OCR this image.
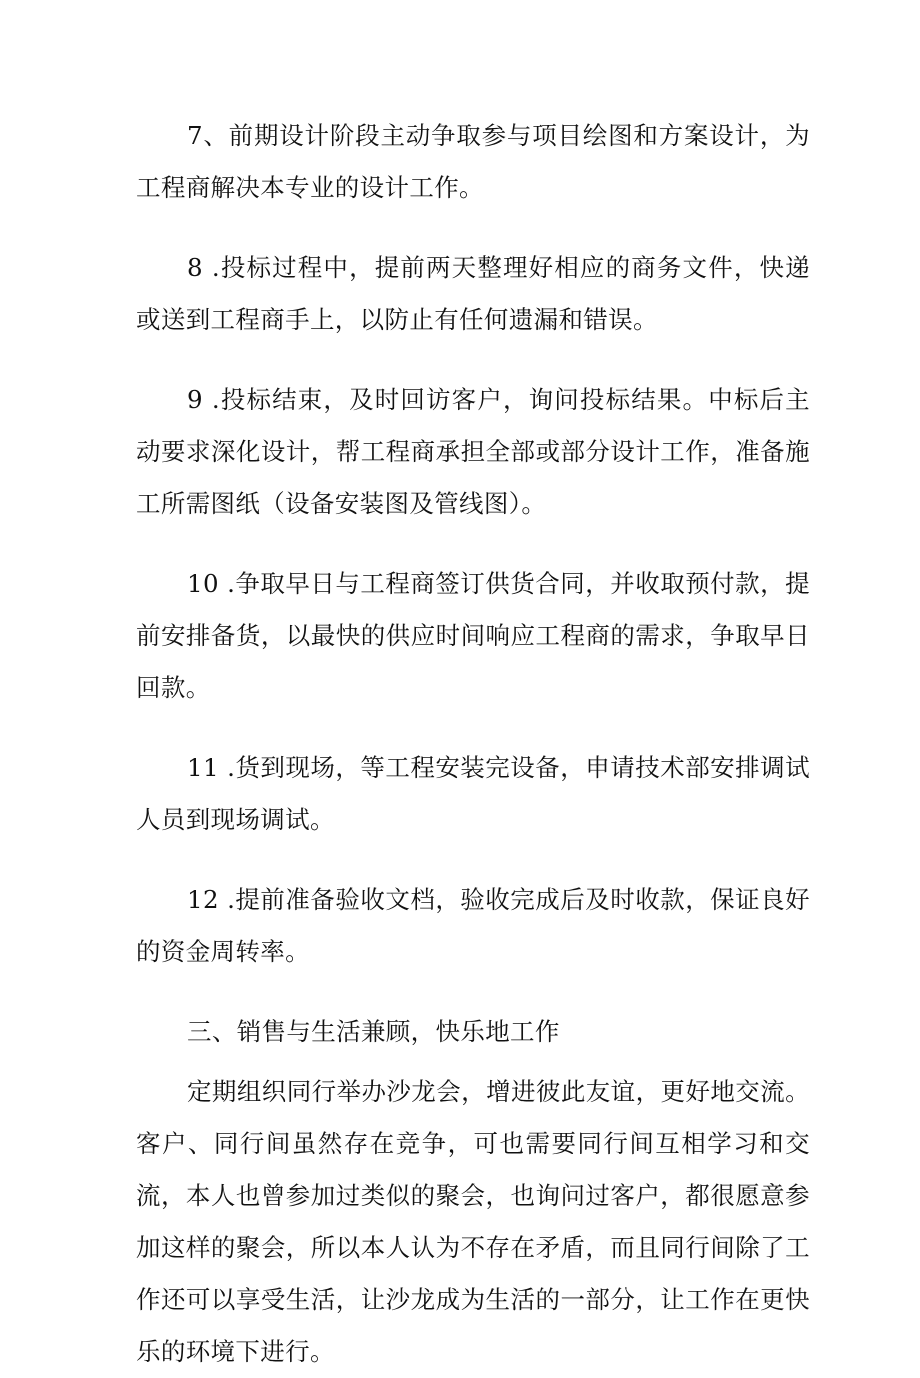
7、前期设计阶段主动争取参与项目绘图和方案设计，为工程商解决本专业的设计工作。

8 .投标过程中，提前两天整理好相应的商务文件，快递或送到工程商手上，以防止有任何遗漏和错误。

9 .投标结束，及时回访客户，询问投标结果。中标后主动要求深化设计，帮工程商承担全部或部分设计工作，准备施工所需图纸（设备安装图及管线图）。

10 .争取早日与工程商签订供货合同，并收取预付款，提前安排备货，以最快的供应时间响应工程商的需求，争取早日回款。

11 .货到现场，等工程安装完设备，申请技术部安排调试人员到现场调试。

12 .提前准备验收文档，验收完成后及时收款，保证良好的资金周转率。

三、销售与生活兼顾，快乐地工作

定期组织同行举办沙龙会，增进彼此友谊，更好地交流。客户、同行间虽然存在竞争，可也需要同行间互相学习和交流，本人也曾参加过类似的聚会，也询问过客户，都很愿意参加这样的聚会，所以本人认为不存在矛盾，而且同行间除了工作还可以享受生活，让沙龙成为生活的一部分，让工作在更快乐的环境下进行。
